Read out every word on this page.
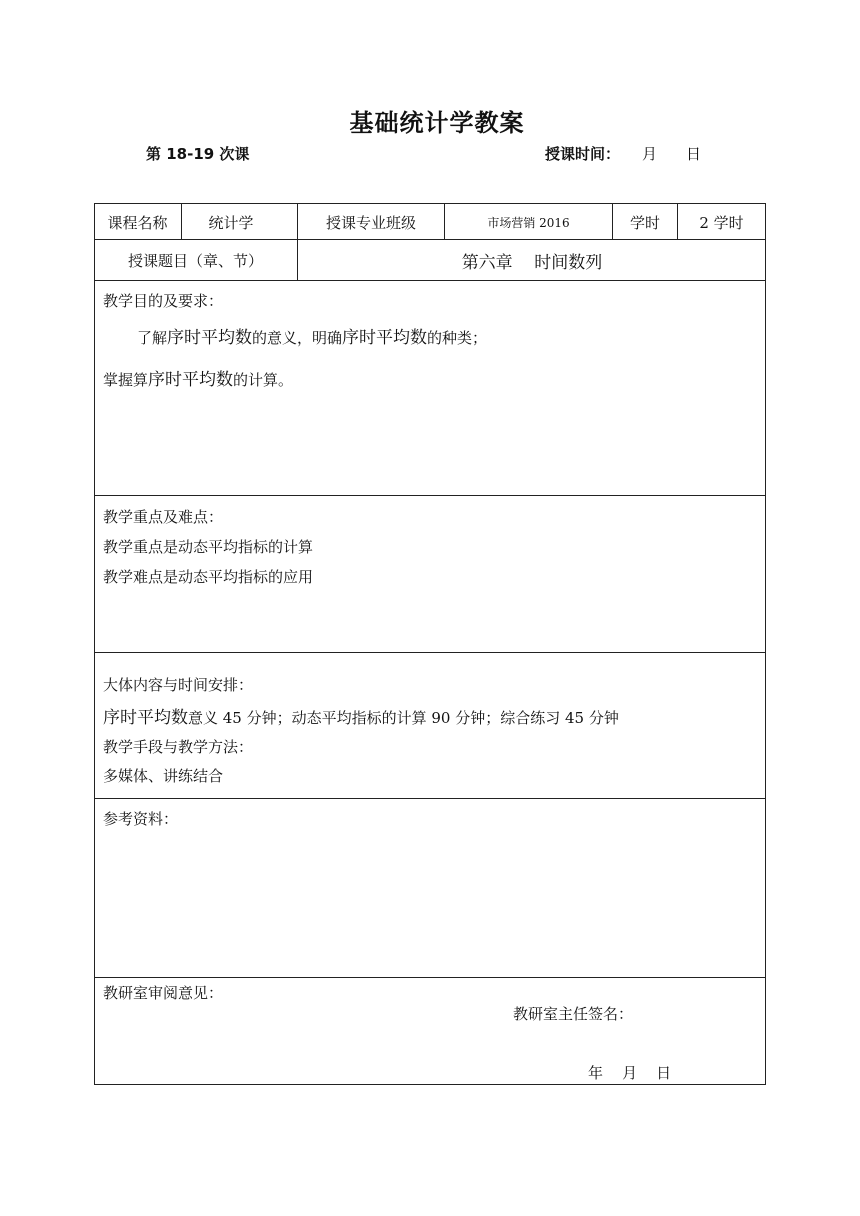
基础统计学教案
第 18-19 次课	授课时间： 月 日
课程名称	统计学	授课专业班级	市场营销 2016	学时	2 学时
授课题目（章、节）	第六章    时间数列
教学目的及要求：
了解序时平均数的意义，明确序时平均数的种类；
掌握算序时平均数的计算。
教学重点及难点：
教学重点是动态平均指标的计算
教学难点是动态平均指标的应用
大体内容与时间安排：
序时平均数意义 45 分钟；动态平均指标的计算 90 分钟；综合练习 45 分钟
教学手段与教学方法：
多媒体、讲练结合
参考资料：
教研室审阅意见：
教研室主任签名：
年    月    日
